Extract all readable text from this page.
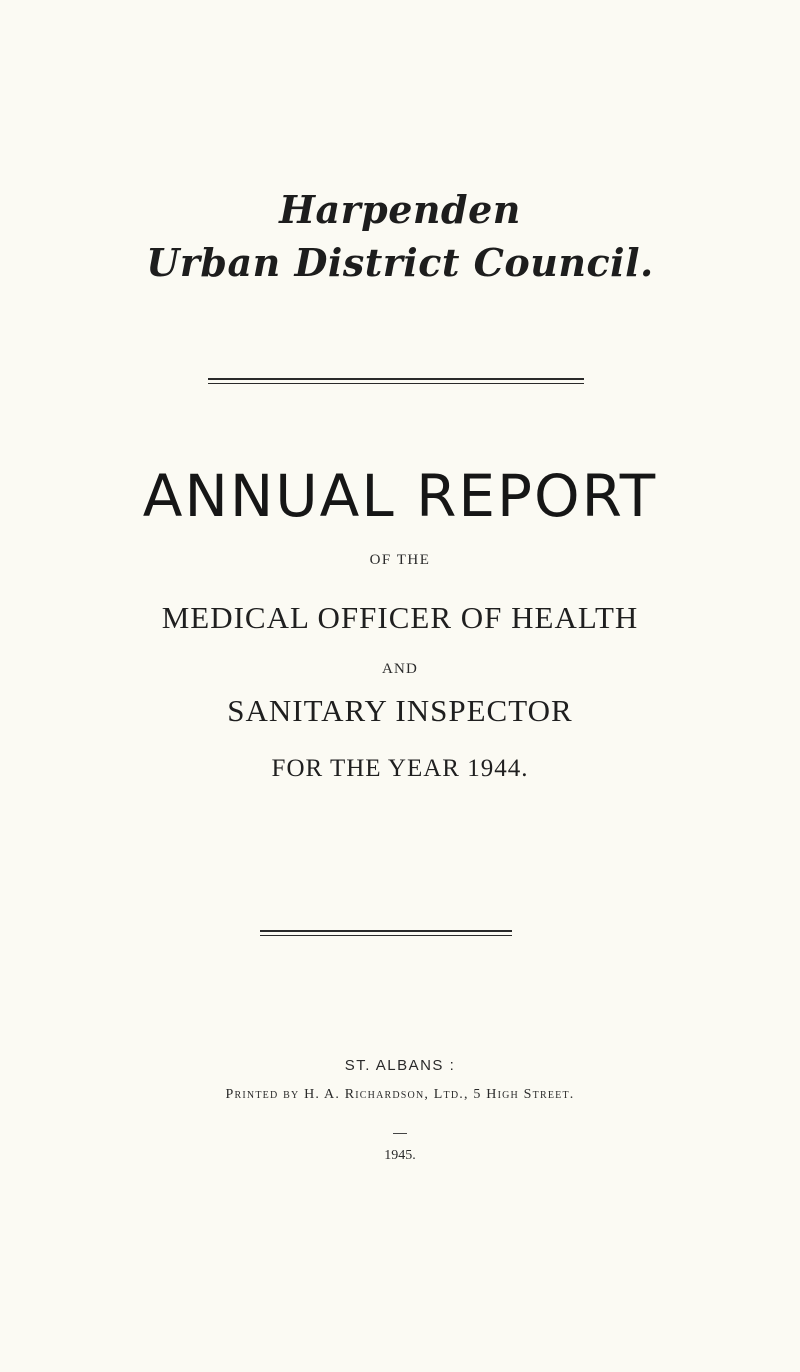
Harpenden
Urban District Council.
ANNUAL REPORT
OF THE
MEDICAL OFFICER OF HEALTH
AND
SANITARY INSPECTOR
FOR THE YEAR 1944.
ST. ALBANS :
Printed by H. A. Richardson, Ltd., 5 High Street.
1945.
